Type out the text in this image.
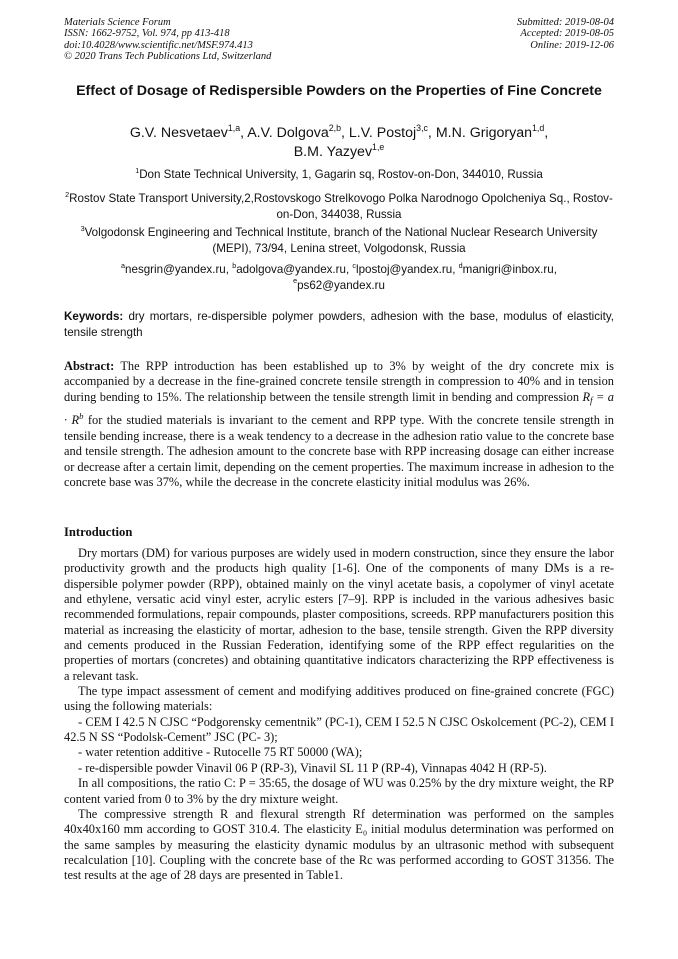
Materials Science Forum
ISSN: 1662-9752, Vol. 974, pp 413-418
doi:10.4028/www.scientific.net/MSF.974.413
© 2020 Trans Tech Publications Ltd, Switzerland
Submitted: 2019-08-04
Accepted: 2019-08-05
Online: 2019-12-06
Effect of Dosage of Redispersible Powders on the Properties of Fine Concrete
G.V. Nesvetaev$^{1,a}$, A.V. Dolgova$^{2,b}$, L.V. Postoj$^{3,c}$, M.N. Grigoryan$^{1,d}$,
B.M. Yazyev$^{1,e}$
$^1$Don State Technical University, 1, Gagarin sq, Rostov-on-Don, 344010, Russia
$^2$Rostov State Transport University,2,Rostovskogo Strelkovogo Polka Narodnogo Opolcheniya Sq., Rostov-on-Don, 344038, Russia
$^3$Volgodonsk Engineering and Technical Institute, branch of the National Nuclear Research University (MEPI), 73/94, Lenina street, Volgodonsk, Russia
$^a$nesgrin@yandex.ru, $^b$adolgova@yandex.ru, $^c$lpostoj@yandex.ru, $^d$manigri@inbox.ru,
$^e$ps62@yandex.ru
Keywords: dry mortars, re-dispersible polymer powders, adhesion with the base, modulus of elasticity, tensile strength
Abstract: The RPP introduction has been established up to 3% by weight of the dry concrete mix is accompanied by a decrease in the fine-grained concrete tensile strength in compression to 40% and in tension during bending to 15%. The relationship between the tensile strength limit in bending and compression $R_f = a \cdot R^b$ for the studied materials is invariant to the cement and RPP type. With the concrete tensile strength in tensile bending increase, there is a weak tendency to a decrease in the adhesion ratio value to the concrete base and tensile strength. The adhesion amount to the concrete base with RPP increasing dosage can either increase or decrease after a certain limit, depending on the cement properties. The maximum increase in adhesion to the concrete base was 37%, while the decrease in the concrete elasticity initial modulus was 26%.
Introduction

Dry mortars (DM) for various purposes are widely used in modern construction, since they ensure the labor productivity growth and the products high quality [1-6]. One of the components of many DMs is a re-dispersible polymer powder (RPP), obtained mainly on the vinyl acetate basis, a copolymer of vinyl acetate and ethylene, versatic acid vinyl ester, acrylic esters [7–9]. RPP is included in the various adhesives basic recommended formulations, repair compounds, plaster compositions, screeds. RPP manufacturers position this material as increasing the elasticity of mortar, adhesion to the base, tensile strength. Given the RPP diversity and cements produced in the Russian Federation, identifying some of the RPP effect regularities on the properties of mortars (concretes) and obtaining quantitative indicators characterizing the RPP effectiveness is a relevant task.

The type impact assessment of cement and modifying additives produced on fine-grained concrete (FGC) using the following materials:

- CEM I 42.5 N CJSC “Podgorensky cementnik” (PC-1), CEM I 52.5 N CJSC Oskolcement (PC-2), CEM I 42.5 N SS “Podolsk-Cement” JSC (PC- 3);

- water retention additive - Rutocelle 75 RT 50000 (WA);

- re-dispersible powder Vinavil 06 P (RP-3), Vinavil SL 11 P (RP-4), Vinnapas 4042 H (RP-5).

In all compositions, the ratio C: P = 35:65, the dosage of WU was 0.25% by the dry mixture weight, the RP content varied from 0 to 3% by the dry mixture weight.

The compressive strength R and flexural strength Rf determination was performed on the samples 40x40x160 mm according to GOST 310.4. The elasticity E₀ initial modulus determination was performed on the same samples by measuring the elasticity dynamic modulus by an ultrasonic method with subsequent recalculation [10]. Coupling with the concrete base of the Rc was performed according to GOST 31356. The test results at the age of 28 days are presented in Table1.
